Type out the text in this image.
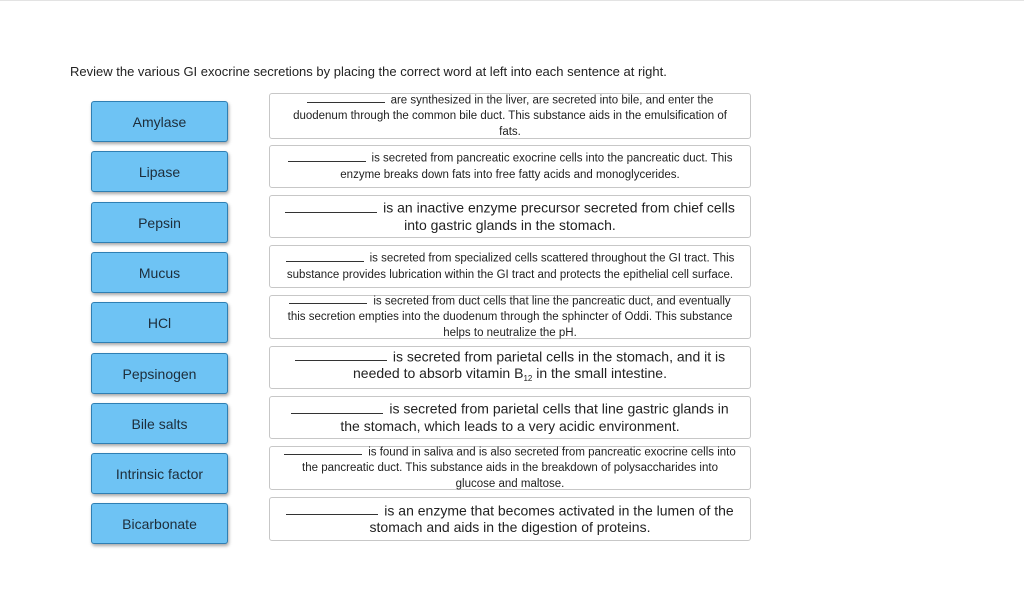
Review the various GI exocrine secretions by placing the correct word at left into each sentence at right.
Amylase
Lipase
Pepsin
Mucus
HCl
Pepsinogen
Bile salts
Intrinsic factor
Bicarbonate

are synthesized in the liver, are secreted into bile, and enter the duodenum through the common bile duct. This substance aids in the emulsification of fats.

is secreted from pancreatic exocrine cells into the pancreatic duct. This enzyme breaks down fats into free fatty acids and monoglycerides.

is an inactive enzyme precursor secreted from chief cells into gastric glands in the stomach.

is secreted from specialized cells scattered throughout the GI tract. This substance provides lubrication within the GI tract and protects the epithelial cell surface.

is secreted from duct cells that line the pancreatic duct, and eventually this secretion empties into the duodenum through the sphincter of Oddi. This substance helps to neutralize the pH.

is secreted from parietal cells in the stomach, and it is needed to absorb vitamin $B_{12}$ in the small intestine.

is secreted from parietal cells that line gastric glands in the stomach, which leads to a very acidic environment.

is found in saliva and is also secreted from pancreatic exocrine cells into the pancreatic duct. This substance aids in the breakdown of polysaccharides into glucose and maltose.

is an enzyme that becomes activated in the lumen of the stomach and aids in the digestion of proteins.
